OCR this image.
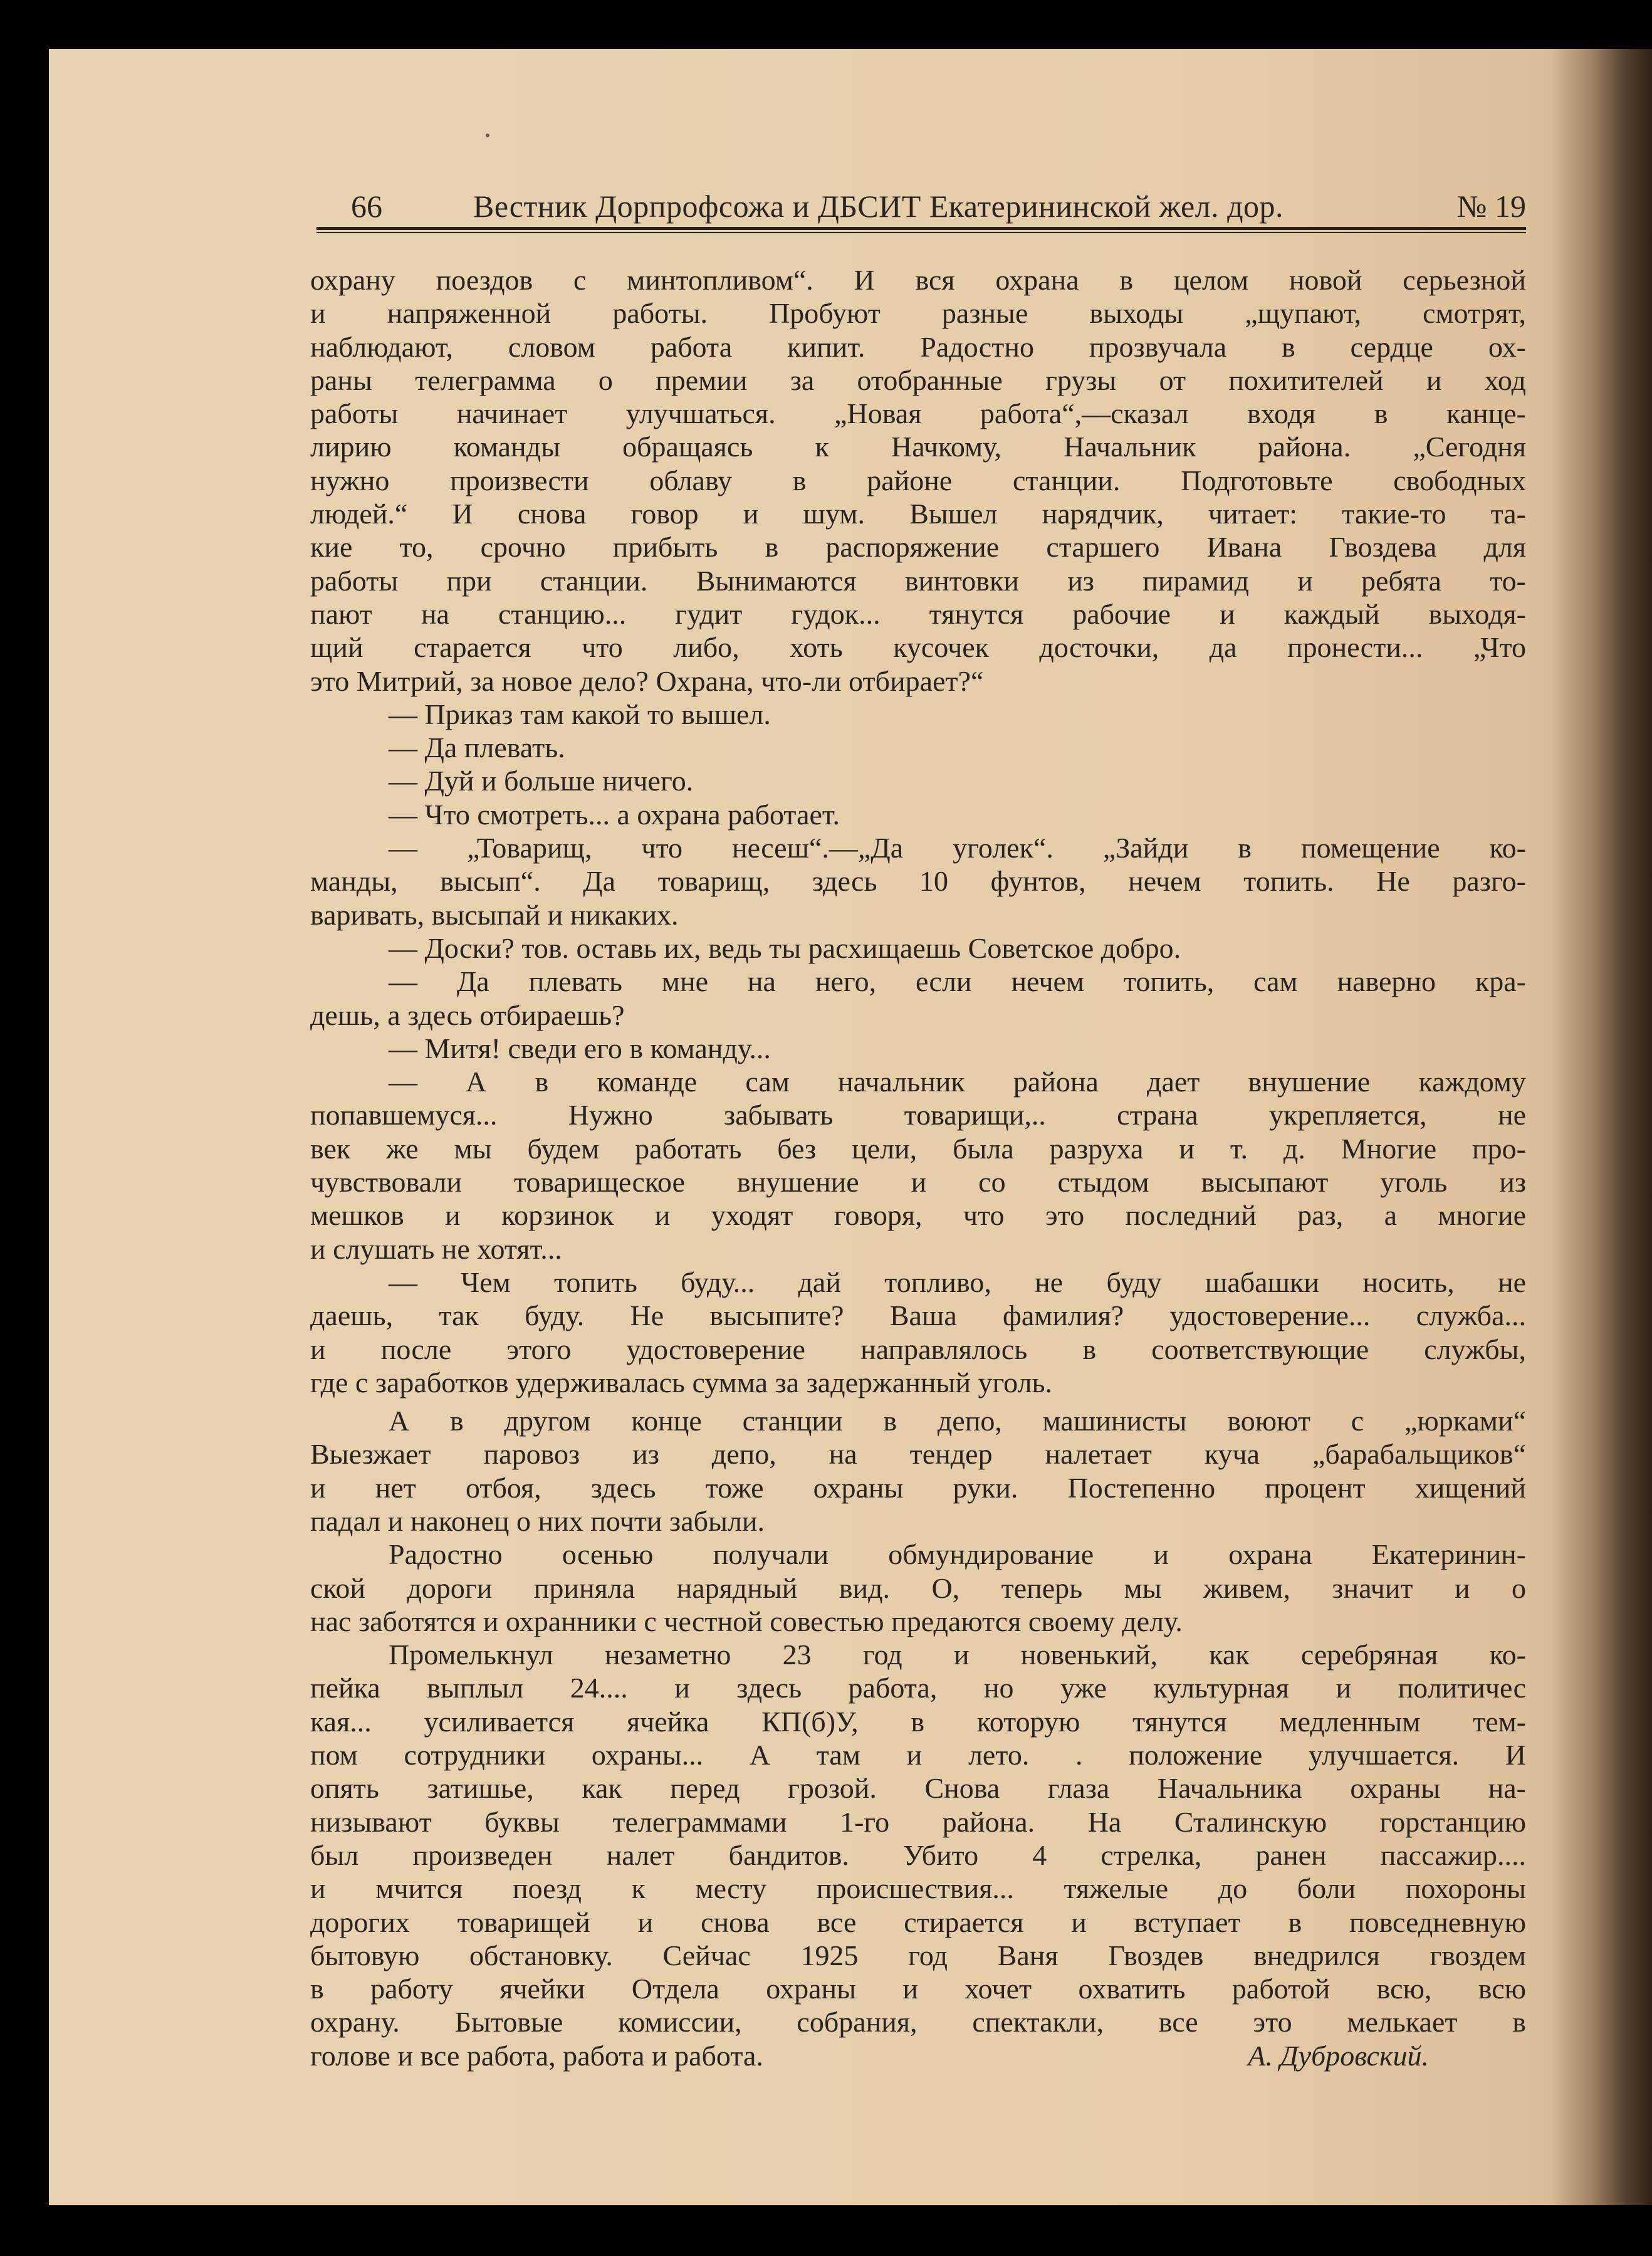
66	Вестник Дорпрофсожа и ДБСИТ Екатерининской жел. дор.	№ 19
охрану поездов с минтопливом“. И вся охрана в целом новой серьезной
и напряженной работы. Пробуют разные выходы „щупают, смотрят,
наблюдают, словом работа кипит. Радостно прозвучала в сердце ох-
раны телеграмма о премии за отобранные грузы от похитителей и ход
работы начинает улучшаться. „Новая работа“,—сказал входя в канце-
лирию команды обращаясь к Начкому, Начальник района. „Сегодня
нужно произвести облаву в районе станции. Подготовьте свободных
людей.“ И снова говор и шум. Вышел нарядчик, читает: такие-то та-
кие то, срочно прибыть в распоряжение старшего Ивана Гвоздева для
работы при станции. Вынимаются винтовки из пирамид и ребята то-
пают на станцию... гудит гудок... тянутся рабочие и каждый выходя-
щий старается что либо, хоть кусочек досточки, да пронести... „Что
это Митрий, за новое дело? Охрана, что-ли отбирает?“
— Приказ там какой то вышел.
— Да плевать.
— Дуй и больше ничего.
— Что смотреть... а охрана работает.
— „Товарищ, что несеш“.—„Да уголек“. „Зайди в помещение ко-
манды, высып“. Да товарищ, здесь 10 фунтов, нечем топить. Не разго-
варивать, высыпай и никаких.
— Доски? тов. оставь их, ведь ты расхищаешь Советское добро.
— Да плевать мне на него, если нечем топить, сам наверно кра-
дешь, а здесь отбираешь?
— Митя! сведи его в команду...
— А в команде сам начальник района дает внушение каждому
попавшемуся... Нужно забывать товарищи,.. страна укрепляется, не
век же мы будем работать без цели, была разруха и т. д. Многие про-
чувствовали товарищеское внушение и со стыдом высыпают уголь из
мешков и корзинок и уходят говоря, что это последний раз, а многие
и слушать не хотят...
— Чем топить буду... дай топливо, не буду шабашки носить, не
даешь, так буду. Не высыпите? Ваша фамилия? удостоверение... служба...
и после этого удостоверение направлялось в соответствующие службы,
где с заработков удерживалась сумма за задержанный уголь.
А в другом конце станции в депо, машинисты воюют с „юрками“
Выезжает паровоз из депо, на тендер налетает куча „барабальщиков“
и нет отбоя, здесь тоже охраны руки. Постепенно процент хищений
падал и наконец о них почти забыли.
Радостно осенью получали обмундирование и охрана Екатеринин-
ской дороги приняла нарядный вид. О, теперь мы живем, значит и о
нас заботятся и охранники с честной совестью предаются своему делу.
Промелькнул незаметно 23 год и новенький, как серебряная ко-
пейка выплыл 24.... и здесь работа, но уже культурная и политичес
кая... усиливается ячейка КП(б)У, в которую тянутся медленным тем-
пом сотрудники охраны... А там и лето. . положение улучшается. И
опять затишье, как перед грозой. Снова глаза Начальника охраны на-
низывают буквы телеграммами 1-го района. На Сталинскую горстанцию
был произведен налет бандитов. Убито 4 стрелка, ранен пассажир....
и мчится поезд к месту происшествия... тяжелые до боли похороны
дорогих товарищей и снова все стирается и вступает в повседневную
бытовую обстановку. Сейчас 1925 год Ваня Гвоздев внедрился гвоздем
в работу ячейки Отдела охраны и хочет охватить работой всю, всю
охрану. Бытовые комиссии, собрания, спектакли, все это мелькает в
голове и все работа, работа и работа.	А. Дубровский.
